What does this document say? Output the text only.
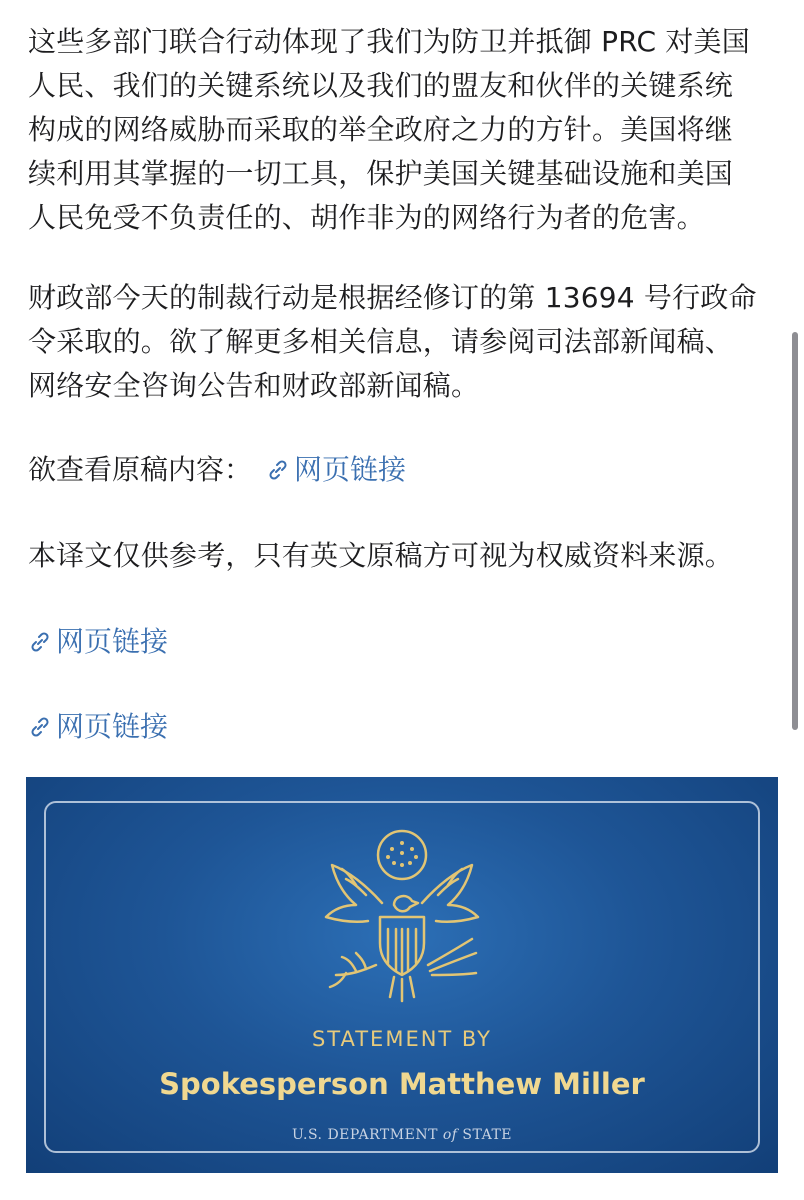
这些多部门联合行动体现了我们为防卫并抵御 PRC 对美国
人民、我们的关键系统以及我们的盟友和伙伴的关键系统
构成的网络威胁而采取的举全政府之力的方针。美国将继
续利用其掌握的一切工具，保护美国关键基础设施和美国
人民免受不负责任的、胡作非为的网络行为者的危害。

财政部今天的制裁行动是根据经修订的第 13694 号行政命
令采取的。欲了解更多相关信息，请参阅司法部新闻稿、
网络安全咨询公告和财政部新闻稿。

欲查看原稿内容： 网页链接

本译文仅供参考，只有英文原稿方可视为权威资料来源。

网页链接
网页链接
STATEMENT BY
Spokesperson Matthew Miller
U.S. DEPARTMENT of STATE
